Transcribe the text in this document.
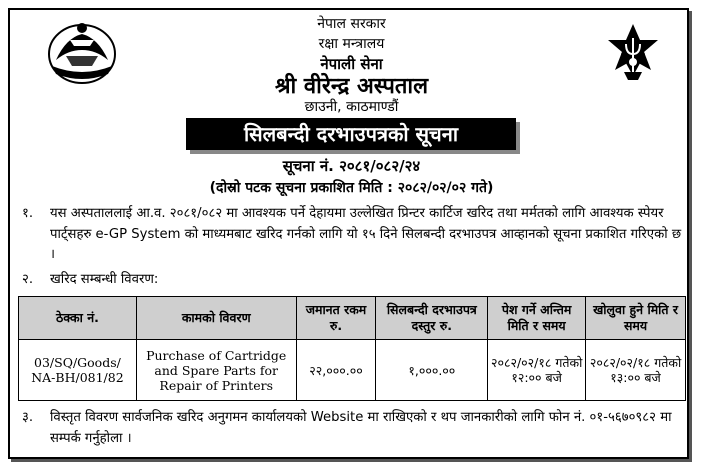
नेपाल सरकार
रक्षा मन्त्रालय
नेपाली सेना
श्री वीरेन्द्र अस्पताल
छाउनी, काठमाण्डौं
सिलबन्दी दरभाउपत्रको सूचना
सूचना नं. २०८१/०८२/२४
(दोस्रो पटक सूचना प्रकाशित मिति : २०८२/०२/०२ गते)
१. यस अस्पताललाई आ.व. २०८१/०८२ मा आवश्यक पर्ने देहायमा उल्लेखित प्रिन्टर कार्टिज खरिद तथा मर्मतको लागि आवश्यक स्पेयर पार्ट्सहरु e-GP System को माध्यमबाट खरिद गर्नको लागि यो १५ दिने सिलबन्दी दरभाउपत्र आव्हानको सूचना प्रकाशित गरिएको छ ।
२. खरिद सम्बन्धी विवरण:
ठेक्का नं.	कामको विवरण	जमानत रकम रु.	सिलबन्दी दरभाउपत्र दस्तुर रु.	पेश गर्ने अन्तिम मिति र समय	खोलुवा हुने मिति र समय
03/SQ/Goods/ NA-BH/081/82	Purchase of Cartridge and Spare Parts for Repair of Printers	२२,०००.००	१,०००.००	२०८२/०२/१८ गतेको १२:०० बजे	२०८२/०२/१८ गतेको १३:०० बजे
३. विस्तृत विवरण सार्वजनिक खरिद अनुगमन कार्यालयको Website मा राखिएको र थप जानकारीको लागि फोन नं. ०१-५६७०९८२ मा सम्पर्क गर्नुहोला ।
